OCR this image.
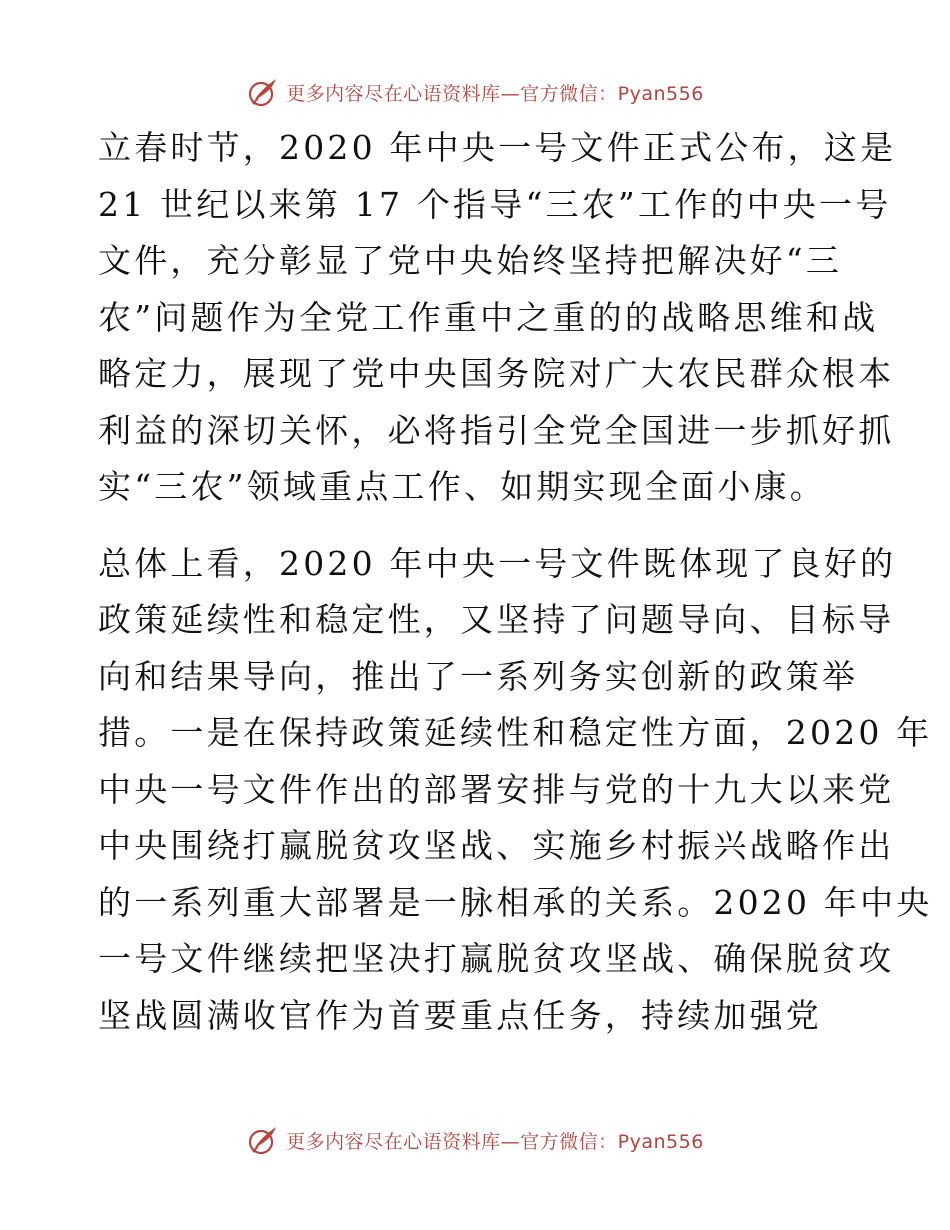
更多内容尽在心语资料库—官方微信：Pyan556

立春时节，2020 年中央一号文件正式公布，这是
21 世纪以来第 17 个指导“三农”工作的中央一号
文件，充分彰显了党中央始终坚持把解决好“三
农”问题作为全党工作重中之重的的战略思维和战
略定力，展现了党中央国务院对广大农民群众根本
利益的深切关怀，必将指引全党全国进一步抓好抓
实“三农”领域重点工作、如期实现全面小康。

总体上看，2020 年中央一号文件既体现了良好的
政策延续性和稳定性，又坚持了问题导向、目标导
向和结果导向，推出了一系列务实创新的政策举
措。一是在保持政策延续性和稳定性方面，2020 年
中央一号文件作出的部署安排与党的十九大以来党
中央围绕打赢脱贫攻坚战、实施乡村振兴战略作出
的一系列重大部署是一脉相承的关系。2020 年中央
一号文件继续把坚决打赢脱贫攻坚战、确保脱贫攻
坚战圆满收官作为首要重点任务，持续加强党

更多内容尽在心语资料库—官方微信：Pyan556
